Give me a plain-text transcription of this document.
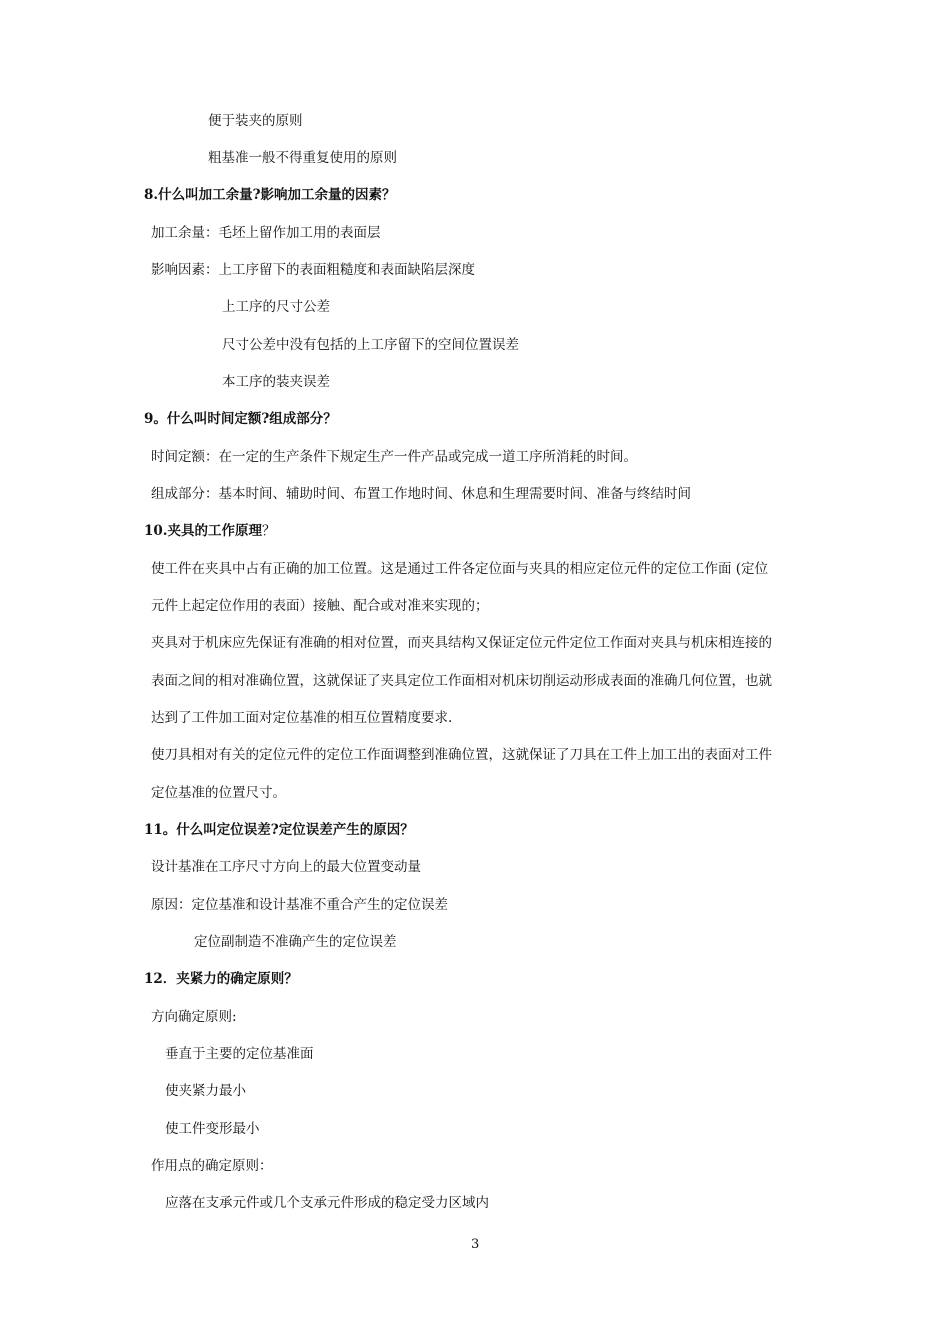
便于装夹的原则
粗基准一般不得重复使用的原则
8.什么叫加工余量?影响加工余量的因素？
加工余量：毛坯上留作加工用的表面层
影响因素：上工序留下的表面粗糙度和表面缺陷层深度
上工序的尺寸公差
尺寸公差中没有包括的上工序留下的空间位置误差
本工序的装夹误差
9。什么叫时间定额?组成部分？
时间定额：在一定的生产条件下规定生产一件产品或完成一道工序所消耗的时间。
组成部分：基本时间、辅助时间、布置工作地时间、休息和生理需要时间、准备与终结时间
10.夹具的工作原理？
使工件在夹具中占有正确的加工位置。这是通过工件各定位面与夹具的相应定位元件的定位工作面 (定位
元件上起定位作用的表面）接触、配合或对准来实现的；
夹具对于机床应先保证有准确的相对位置，而夹具结构又保证定位元件定位工作面对夹具与机床相连接的
表面之间的相对准确位置，这就保证了夹具定位工作面相对机床切削运动形成表面的准确几何位置，也就
达到了工件加工面对定位基准的相互位置精度要求.
使刀具相对有关的定位元件的定位工作面调整到准确位置，这就保证了刀具在工件上加工出的表面对工件
定位基准的位置尺寸。
11。什么叫定位误差?定位误差产生的原因？
设计基准在工序尺寸方向上的最大位置变动量
原因：定位基准和设计基准不重合产生的定位误差
定位副制造不准确产生的定位误差
12．夹紧力的确定原则？
方向确定原则:
垂直于主要的定位基准面
使夹紧力最小
使工件变形最小
作用点的确定原则：
应落在支承元件或几个支承元件形成的稳定受力区域内
3
